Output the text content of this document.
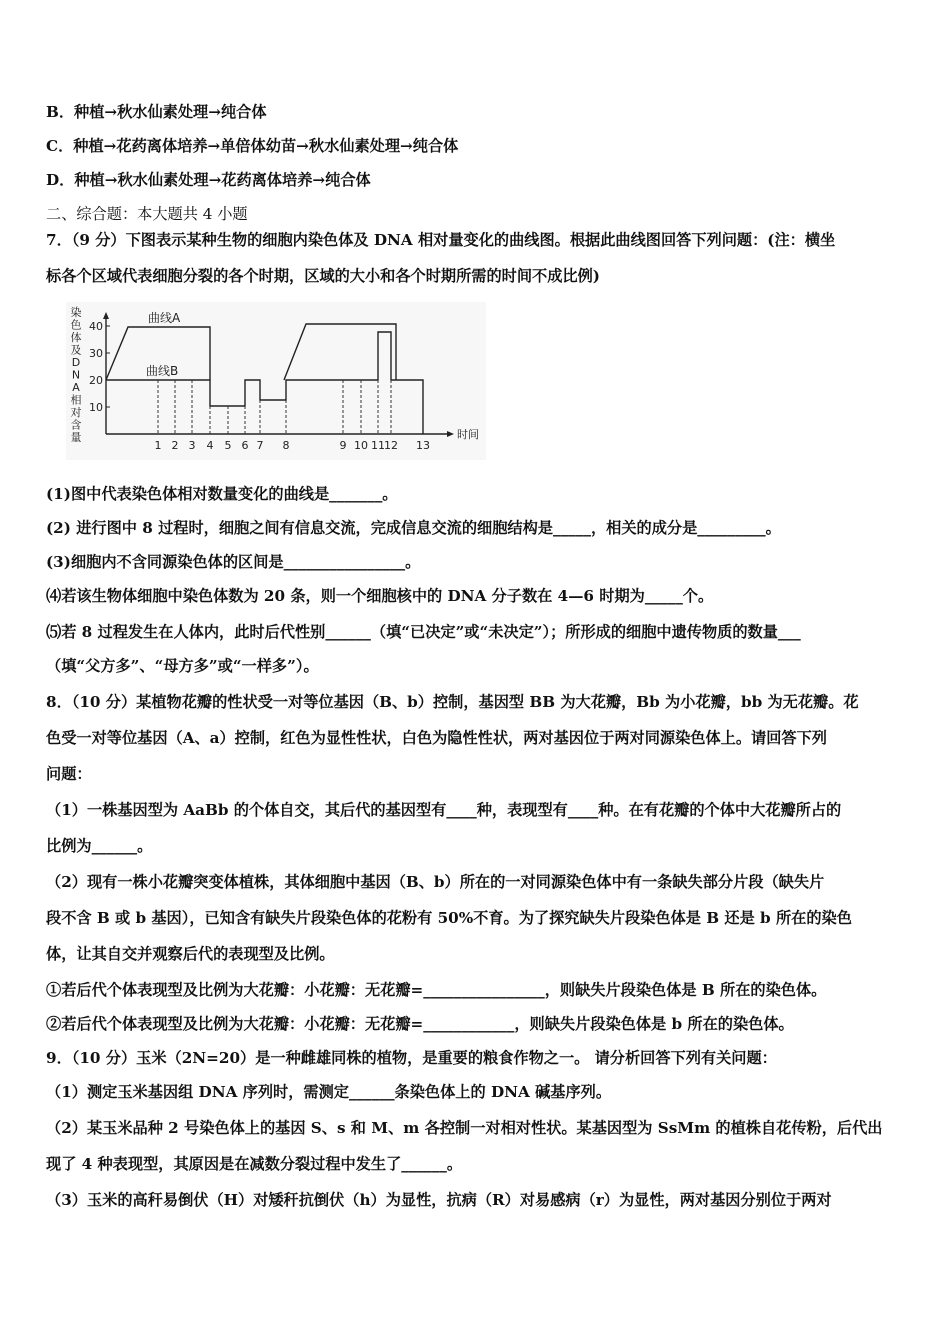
B．种植→秋水仙素处理→纯合体
C．种植→花药离体培养→单倍体幼苗→秋水仙素处理→纯合体
D．种植→秋水仙素处理→花药离体培养→纯合体
二、综合题：本大题共 4 小题
7．（9 分）下图表示某种生物的细胞内染色体及 DNA 相对量变化的曲线图。根据此曲线图回答下列问题：(注：横坐
标各个区域代表细胞分裂的各个时期，区域的大小和各个时期所需的时间不成比例)
染
色
体
及
D
N
A
相
对
含
量
10
20
30
40
1 2 3 4 5 6 7 8	9 10 11 12 13
时间
曲线A
曲线B
(1)图中代表染色体相对数量变化的曲线是_______。
(2) 进行图中 8 过程时，细胞之间有信息交流，完成信息交流的细胞结构是_____，相关的成分是_________。
(3)细胞内不含同源染色体的区间是________________。
⑷若该生物体细胞中染色体数为 20 条，则一个细胞核中的 DNA 分子数在 4—6 时期为_____个。
⑸若 8 过程发生在人体内，此时后代性别______（填“已决定”或“未决定”）；所形成的细胞中遗传物质的数量___
（填“父方多”、“母方多”或“一样多”）。
8．（10 分）某植物花瓣的性状受一对等位基因（B、b）控制，基因型 BB 为大花瓣，Bb 为小花瓣，bb 为无花瓣。花
色受一对等位基因（A、a）控制，红色为显性性状，白色为隐性性状，两对基因位于两对同源染色体上。请回答下列
问题：
（1）一株基因型为 AaBb 的个体自交，其后代的基因型有____种，表现型有____种。在有花瓣的个体中大花瓣所占的
比例为______。
（2）现有一株小花瓣突变体植株，其体细胞中基因（B、b）所在的一对同源染色体中有一条缺失部分片段（缺失片
段不含 B 或 b 基因），已知含有缺失片段染色体的花粉有 50%不育。为了探究缺失片段染色体是 B 还是 b 所在的染色
体，让其自交并观察后代的表现型及比例。
①若后代个体表现型及比例为大花瓣：小花瓣：无花瓣=________________，则缺失片段染色体是 B 所在的染色体。
②若后代个体表现型及比例为大花瓣：小花瓣：无花瓣=____________，则缺失片段染色体是 b 所在的染色体。
9．（10 分）玉米（2N=20）是一种雌雄同株的植物，是重要的粮食作物之一。 请分析回答下列有关问题：
（1）测定玉米基因组 DNA 序列时，需测定______条染色体上的 DNA 碱基序列。
（2）某玉米品种 2 号染色体上的基因 S、s 和 M、m 各控制一对相对性状。某基因型为 SsMm 的植株自花传粉，后代出
现了 4 种表现型，其原因是在减数分裂过程中发生了______。
（3）玉米的高秆易倒伏（H）对矮秆抗倒伏（h）为显性，抗病（R）对易感病（r）为显性，两对基因分别位于两对
